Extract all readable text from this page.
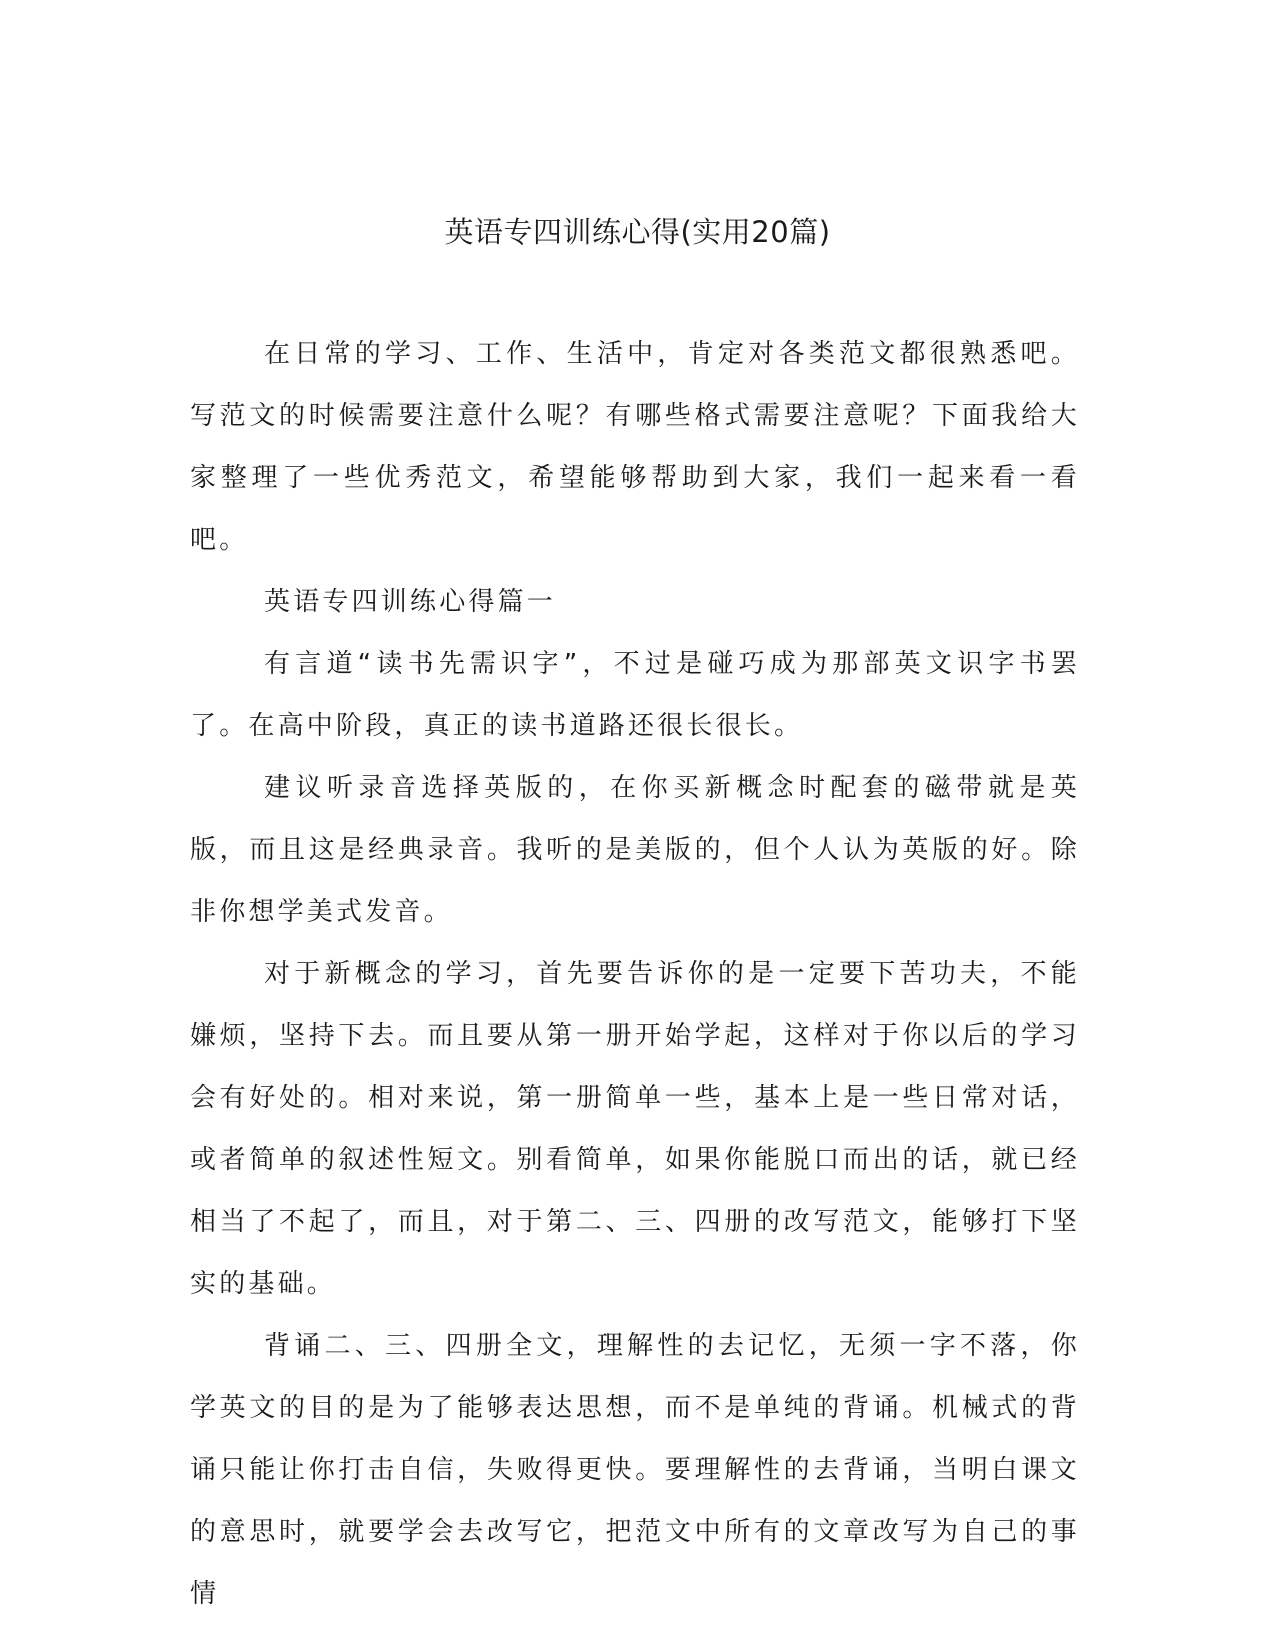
英语专四训练心得(实用20篇)

在日常的学习、工作、生活中，肯定对各类范文都很熟悉吧。写范文的时候需要注意什么呢？有哪些格式需要注意呢？下面我给大家整理了一些优秀范文，希望能够帮助到大家，我们一起来看一看吧。

英语专四训练心得篇一

有言道“读书先需识字”，不过是碰巧成为那部英文识字书罢了。在高中阶段，真正的读书道路还很长很长。

建议听录音选择英版的，在你买新概念时配套的磁带就是英版，而且这是经典录音。我听的是美版的，但个人认为英版的好。除非你想学美式发音。

对于新概念的学习，首先要告诉你的是一定要下苦功夫，不能嫌烦，坚持下去。而且要从第一册开始学起，这样对于你以后的学习会有好处的。相对来说，第一册简单一些，基本上是一些日常对话，或者简单的叙述性短文。别看简单，如果你能脱口而出的话，就已经相当了不起了，而且，对于第二、三、四册的改写范文，能够打下坚实的基础。

背诵二、三、四册全文，理解性的去记忆，无须一字不落，你学英文的目的是为了能够表达思想，而不是单纯的背诵。机械式的背诵只能让你打击自信，失败得更快。要理解性的去背诵，当明白课文的意思时，就要学会去改写它，把范文中所有的文章改写为自己的事情
